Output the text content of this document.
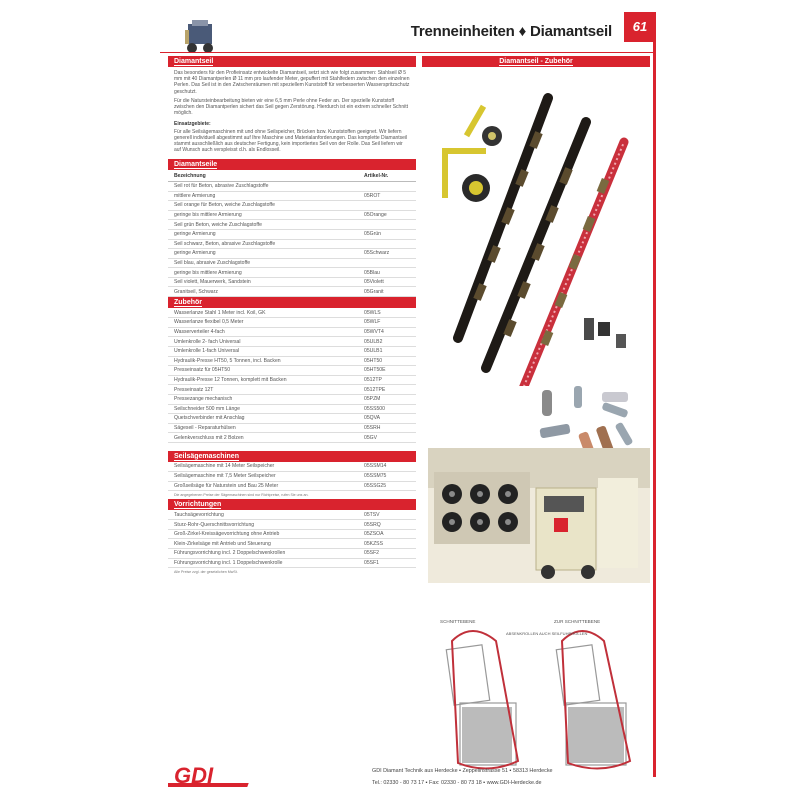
Trenneinheiten ♦ Diamantseil	61
Diamantseil
Das besonders für den Profieinsatz entwickelte Diamantseil, setzt sich wie folgt zusammen: Stahlseil Ø 5 mm mit 40 Diamantperlen Ø 11 mm pro laufender Meter, gepuffert mit Stahlfedern zwischen den einzelnen Perlen. Das Seil ist in den Zwischenräumen mit speziellem Kunststoff für verbesserten Wasserspritzschutz geschutzt.
Für die Natursteinbearbeitung bieten wir eine 6,5 mm Perle ohne Feder an. Der spezielle Kunststoff zwischen den Diamantperlen sichert das Seil gegen Zerstörung. Hierdurch ist ein extrem schneller Schnitt möglich.
Einsatzgebiete:
Für alle Seilsägemaschinen mit und ohne Seilspeicher, Brücken bzw. Kunststoffen geeignet. Wir liefern generell individuell abgestimmt auf Ihre Maschine und Materialanforderungen. Das komplette Diamantseil stammt ausschließlich aus deutscher Fertigung, kein importiertes Seil von der Rolle. Das Seil liefern wir auf Wunsch auch verspleisst d.h. als Endlosseil.
Diamantseile
Bezeichnung	Artikel-Nr.
Seil rot für Beton, abrasive Zuschlagstoffe	
mittlere Armierung	05ROT
Seil orange für Beton, weiche Zuschlagstoffe	
geringe bis mittlere Armierung	05Orange
Seil grün Beton, weiche Zuschlagstoffe	
geringe Armierung	05Grün
Seil schwarz, Beton, abrasive Zuschlagstoffe	
geringe Armierung	05Schwarz
Seil blau, abrasive Zuschlagstoffe	
geringe bis mittlere Armierung	05Blau
Seil violett, Mauerwerk, Sandstein	05Violett
Granitseil, Schwarz	05Granit
Zubehör
Wasserlanze Stahl 1 Meter incl. Koil, GK	05WLS
Wasserlanze flexibel 0,5 Meter	05WLF
Wasserverteiler 4-fach	05WVT4
Umlenkrolle 2- fach Universal	05ULB2
Umlenkrolle 1-fach Universal	05ULB1
Hydraulik-Presse HT50, 5 Tonnen, incl. Backen	05HT50
Presseinsatz für 05HT50	05HT50E
Hydraulik-Presse 12 Tonnen, komplett mit Backen	0512TP
Presseinsatz 12T	0512TPE
Pressezange mechanisch	05PZM
Seilschneider 500 mm Länge	05SS500
Quetschverbinder mit Anschlag	05QVA
Sägeseil - Reparaturhülsen	05SRH
Gelenkverschluss mit 2 Bolzen	05GV
Seilsägemaschinen
Seilsägemaschine mit 14 Meter Seilspeicher	05SSM14
Seilsägemaschine mit 7,5 Meter Seilspeicher	05SSM75
Großseilsäge für Naturstein und Bau 25 Meter	05SSG25
Die angegebenen Preise der Sägemaschinen sind nur Richtpreise, rufen Sie uns an.
Vorrichtungen
Tauchsägevorrichtung	05TSV
Sturz-Rohr-Querschnittsvorrichtung	05SRQ
Groß-Zirkel-Kreissägevorrichtung ohne Antrieb	05ZSOA
Klein-Zirkelsäge mit Antrieb und Steuerung	05KZSS
Führungsvorrichtung incl. 2 Doppelschwenkrollen	05SF2
Führungsvorrichtung incl. 1 Doppelschwenkrolle	05SF1
Alle Preise zzgl. der gesetzlichen MwSt.
Diamantseil - Zubehör
SCHNITTEBENE	ZUR SCHNITTEBENE
ABSENKROLLEN AUCH SEILFUHRROLLEN
GDI	GDI Diamant Technik aus Herdecke ▪ Zeppelinstrasse 51 ▪ 58313 Herdecke
Tel.: 02330 - 80 73 17 ▪ Fax: 02330 - 80 73 18 ▪ www.GDI-Herdecke.de
